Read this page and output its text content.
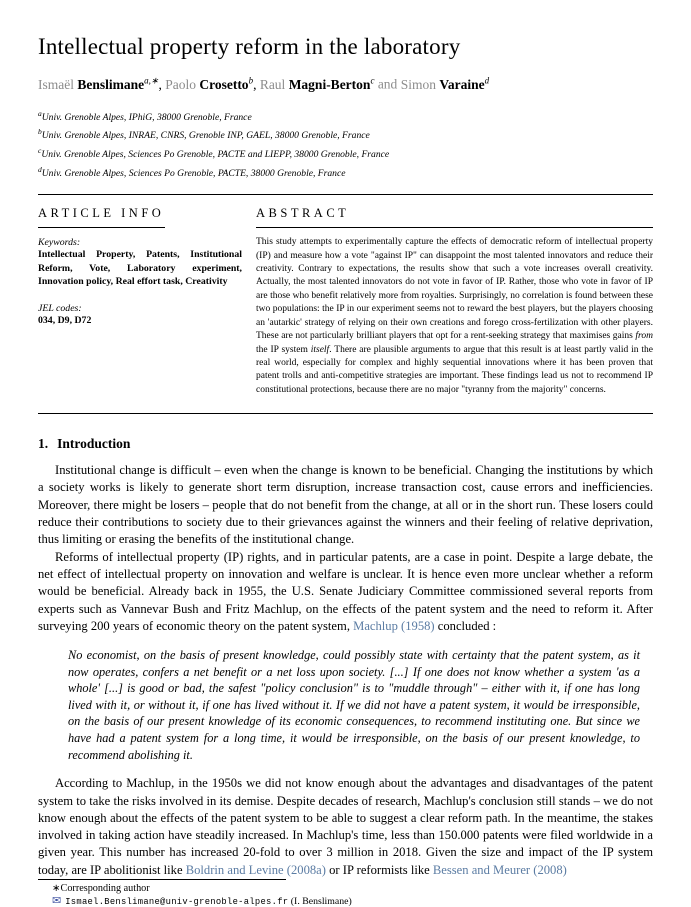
Intellectual property reform in the laboratory
Ismaël Benslimane$^{a,∗}$, Paolo Crosetto$^b$, Raul Magni-Berton$^c$ and Simon Varaine$^d$
$^a$Univ. Grenoble Alpes, IPhiG, 38000 Grenoble, France
$^b$Univ. Grenoble Alpes, INRAE, CNRS, Grenoble INP, GAEL, 38000 Grenoble, France
$^c$Univ. Grenoble Alpes, Sciences Po Grenoble, PACTE and LIEPP, 38000 Grenoble, France
$^d$Univ. Grenoble Alpes, Sciences Po Grenoble, PACTE, 38000 Grenoble, France
ARTICLE INFO

Keywords:

Intellectual Property, Patents, Institutional Reform, Vote, Laboratory experiment, Innovation policy, Real effort task, Creativity

JEL codes:

034, D9, D72

ABSTRACT

This study attempts to experimentally capture the effects of democratic reform of intellectual property (IP) and measure how a vote "against IP" can disappoint the most talented innovators and reduce their creativity. Contrary to expectations, the results show that such a vote increases overall creativity. Actually, the most talented innovators do not vote in favor of IP. Rather, those who vote in favor of IP are those who benefit relatively more from royalties. Surprisingly, no correlation is found between these two populations: the IP in our experiment seems not to reward the best players, but the players choosing an 'autarkic' strategy of relying on their own creations and forego cross-fertilization with other players. These are not particularly brilliant players that opt for a rent-seeking strategy that maximises gains from the IP system itself. There are plausible arguments to argue that this result is at least partly valid in the real world, especially for complex and highly sequential innovations where it has been proven that patent trolls and anti-competitive strategies are important. These findings lead us not to recommend IP constitutional protections, because there are no major "tyranny from the majority" concerns.

1. Introduction

Institutional change is difficult – even when the change is known to be beneficial. Changing the institutions by which a society works is likely to generate short term disruption, increase transaction cost, cause errors and inefficiencies. Moreover, there might be losers – people that do not benefit from the change, at all or in the short run. These losers could reduce their contributions to society due to their grievances against the winners and their feeling of relative deprivation, thus limiting or erasing the benefits of the institutional change.

Reforms of intellectual property (IP) rights, and in particular patents, are a case in point. Despite a large debate, the net effect of intellectual property on innovation and welfare is unclear. It is hence even more unclear whether a reform would be beneficial. Already back in 1955, the U.S. Senate Judiciary Committee commissioned several reports from experts such as Vannevar Bush and Fritz Machlup, on the effects of the patent system and the need to reform it. After surveying 200 years of economic theory on the patent system, Machlup (1958) concluded :

No economist, on the basis of present knowledge, could possibly state with certainty that the patent system, as it now operates, confers a net benefit or a net loss upon society. [...] If one does not know whether a system 'as a whole' [...] is good or bad, the safest "policy conclusion" is to "muddle through" – either with it, if one has long lived with it, or without it, if one has lived without it. If we did not have a patent system, it would be irresponsible, on the basis of our present knowledge of its economic consequences, to recommend instituting one. But since we have had a patent system for a long time, it would be irresponsible, on the basis of our present knowledge, to recommend abolishing it.

According to Machlup, in the 1950s we did not know enough about the advantages and disadvantages of the patent system to take the risks involved in its demise. Despite decades of research, Machlup's conclusion still stands – we do not know enough about the effects of the patent system to be able to suggest a clear reform path. In the meantime, the stakes involved in taking action have steadily increased. In Machlup's time, less than 150.000 patents were filed worldwide in a given year. This number has increased 20-fold to over 3 million in 2018. Given the size and impact of the IP system today, are IP abolitionist like Boldrin and Levine (2008a) or IP reformists like Bessen and Meurer (2008)

∗Corresponding author

✉ Ismael.Benslimane@univ-grenoble-alpes.fr
(I. Benslimane)
